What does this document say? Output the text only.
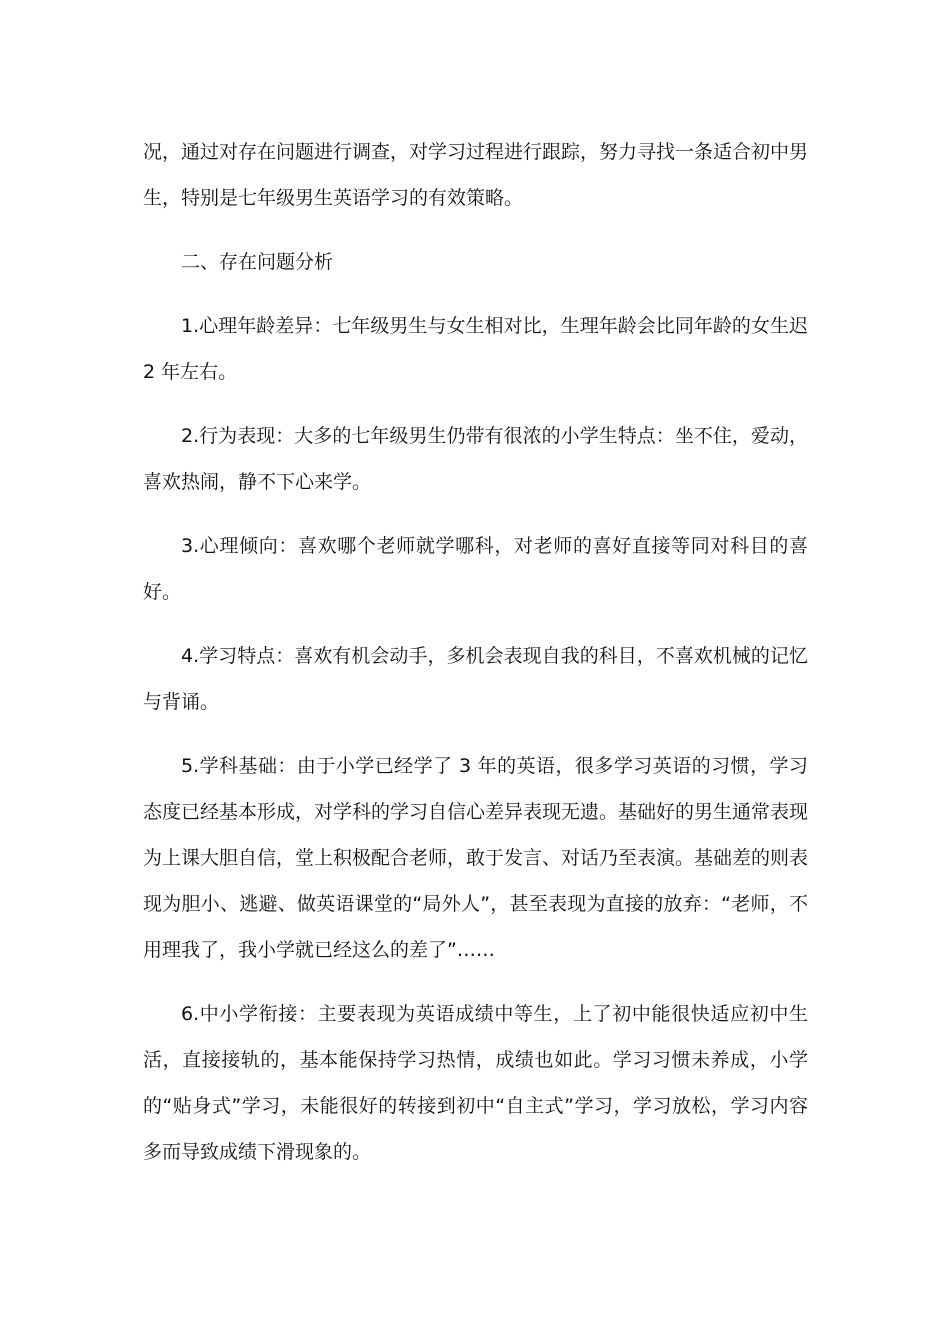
况，通过对存在问题进行调查，对学习过程进行跟踪，努力寻找一条适合初中男生，特别是七年级男生英语学习的有效策略。

二、存在问题分析

1.心理年龄差异：七年级男生与女生相对比，生理年龄会比同年龄的女生迟 2 年左右。

2.行为表现：大多的七年级男生仍带有很浓的小学生特点：坐不住，爱动，喜欢热闹，静不下心来学。

3.心理倾向：喜欢哪个老师就学哪科，对老师的喜好直接等同对科目的喜好。

4.学习特点：喜欢有机会动手，多机会表现自我的科目，不喜欢机械的记忆与背诵。

5.学科基础：由于小学已经学了 3 年的英语，很多学习英语的习惯，学习态度已经基本形成，对学科的学习自信心差异表现无遗。基础好的男生通常表现为上课大胆自信，堂上积极配合老师，敢于发言、对话乃至表演。基础差的则表现为胆小、逃避、做英语课堂的“局外人”，甚至表现为直接的放弃：“老师，不用理我了，我小学就已经这么的差了”……

6.中小学衔接：主要表现为英语成绩中等生，上了初中能很快适应初中生活，直接接轨的，基本能保持学习热情，成绩也如此。学习习惯未养成，小学的“贴身式”学习，未能很好的转接到初中“自主式”学习，学习放松，学习内容多而导致成绩下滑现象的。
